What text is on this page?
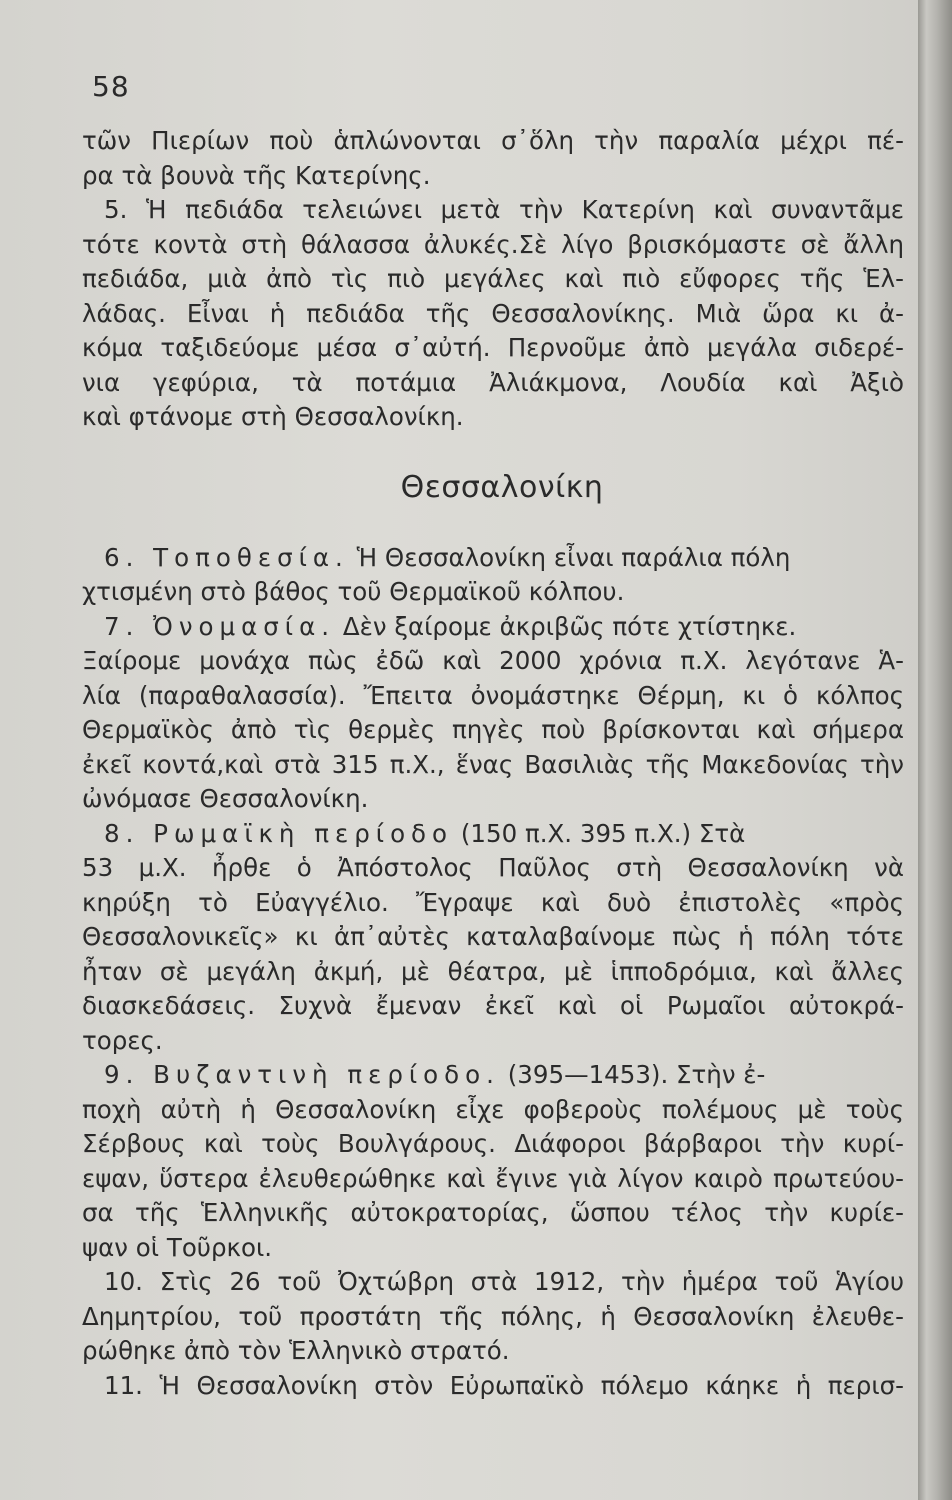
58
τῶν Πιερίων ποὺ ἁπλώνονται σ᾿ὅλη τὴν παραλία μέχρι πέ-
ρα τὰ βουνὰ τῆς Κατερίνης.
5. Ἡ πεδιάδα τελειώνει μετὰ τὴν Κατερίνη καὶ συναντᾶμε
τότε κοντὰ στὴ θάλασσα ἀλυκές.Σὲ λίγο βρισκόμαστε σὲ ἄλλη
πεδιάδα, μιὰ ἀπὸ τὶς πιὸ μεγάλες καὶ πιὸ εὔφορες τῆς Ἑλ-
λάδας. Εἶναι ἡ πεδιάδα τῆς Θεσσαλονίκης. Μιὰ ὥρα κι ἀ-
κόμα ταξιδεύομε μέσα σ᾿αὐτή. Περνοῦμε ἀπὸ μεγάλα σιδερέ-
νια γεφύρια, τὰ ποτάμια Ἀλιάκμονα, Λουδία καὶ Ἀξιὸ
καὶ φτάνομε στὴ Θεσσαλονίκη.
Θεσσαλονίκη
6. Τοποθεσία. Ἡ Θεσσαλονίκη εἶναι παράλια πόλη
χτισμένη στὸ βάθος τοῦ Θερμαϊκοῦ κόλπου.
7. Ὀνομασία. Δὲν ξαίρομε ἀκριβῶς πότε χτίστηκε.
Ξαίρομε μονάχα πὼς ἐδῶ καὶ 2000 χρόνια π.Χ. λεγότανε Ἁ-
λία (παραθαλασσία). Ἔπειτα ὀνομάστηκε Θέρμη, κι ὁ κόλπος
Θερμαϊκὸς ἀπὸ τὶς θερμὲς πηγὲς ποὺ βρίσκονται καὶ σήμερα
ἐκεῖ κοντά,καὶ στὰ 315 π.Χ., ἕνας Βασιλιὰς τῆς Μακεδονίας τὴν
ὠνόμασε Θεσσαλονίκη.
8. Ρωμαϊκὴ περίοδο (150 π.Χ. 395 π.Χ.) Στὰ
53 μ.Χ. ἦρθε ὁ Ἀπόστολος Παῦλος στὴ Θεσσαλονίκη νὰ
κηρύξη τὸ Εὐαγγέλιο. Ἔγραψε καὶ δυὸ ἐπιστολὲς «πρὸς
Θεσσαλονικεῖς» κι ἀπ᾿αὐτὲς καταλαβαίνομε πὼς ἡ πόλη τότε
ἦταν σὲ μεγάλη ἀκμή, μὲ θέατρα, μὲ ἱπποδρόμια, καὶ ἄλλες
διασκεδάσεις. Συχνὰ ἔμεναν ἐκεῖ καὶ οἱ Ρωμαῖοι αὐτοκρά-
τορες.
9. Βυζαντινὴ περίοδο. (395—1453). Στὴν ἐ-
ποχὴ αὐτὴ ἡ Θεσσαλονίκη εἶχε φοβεροὺς πολέμους μὲ τοὺς
Σέρβους καὶ τοὺς Βουλγάρους. Διάφοροι βάρβαροι τὴν κυρί-
εψαν, ὕστερα ἐλευθερώθηκε καὶ ἔγινε γιὰ λίγον καιρὸ πρωτεύου-
σα τῆς Ἑλληνικῆς αὐτοκρατορίας, ὥσπου τέλος τὴν κυρίε-
ψαν οἱ Τοῦρκοι.
10. Στὶς 26 τοῦ Ὀχτώβρη στὰ 1912, τὴν ἡμέρα τοῦ Ἁγίου
Δημητρίου, τοῦ προστάτη τῆς πόλης, ἡ Θεσσαλονίκη ἐλευθε-
ρώθηκε ἀπὸ τὸν Ἑλληνικὸ στρατό.
11. Ἡ Θεσσαλονίκη στὸν Εὐρωπαϊκὸ πόλεμο κάηκε ἡ περισ-
